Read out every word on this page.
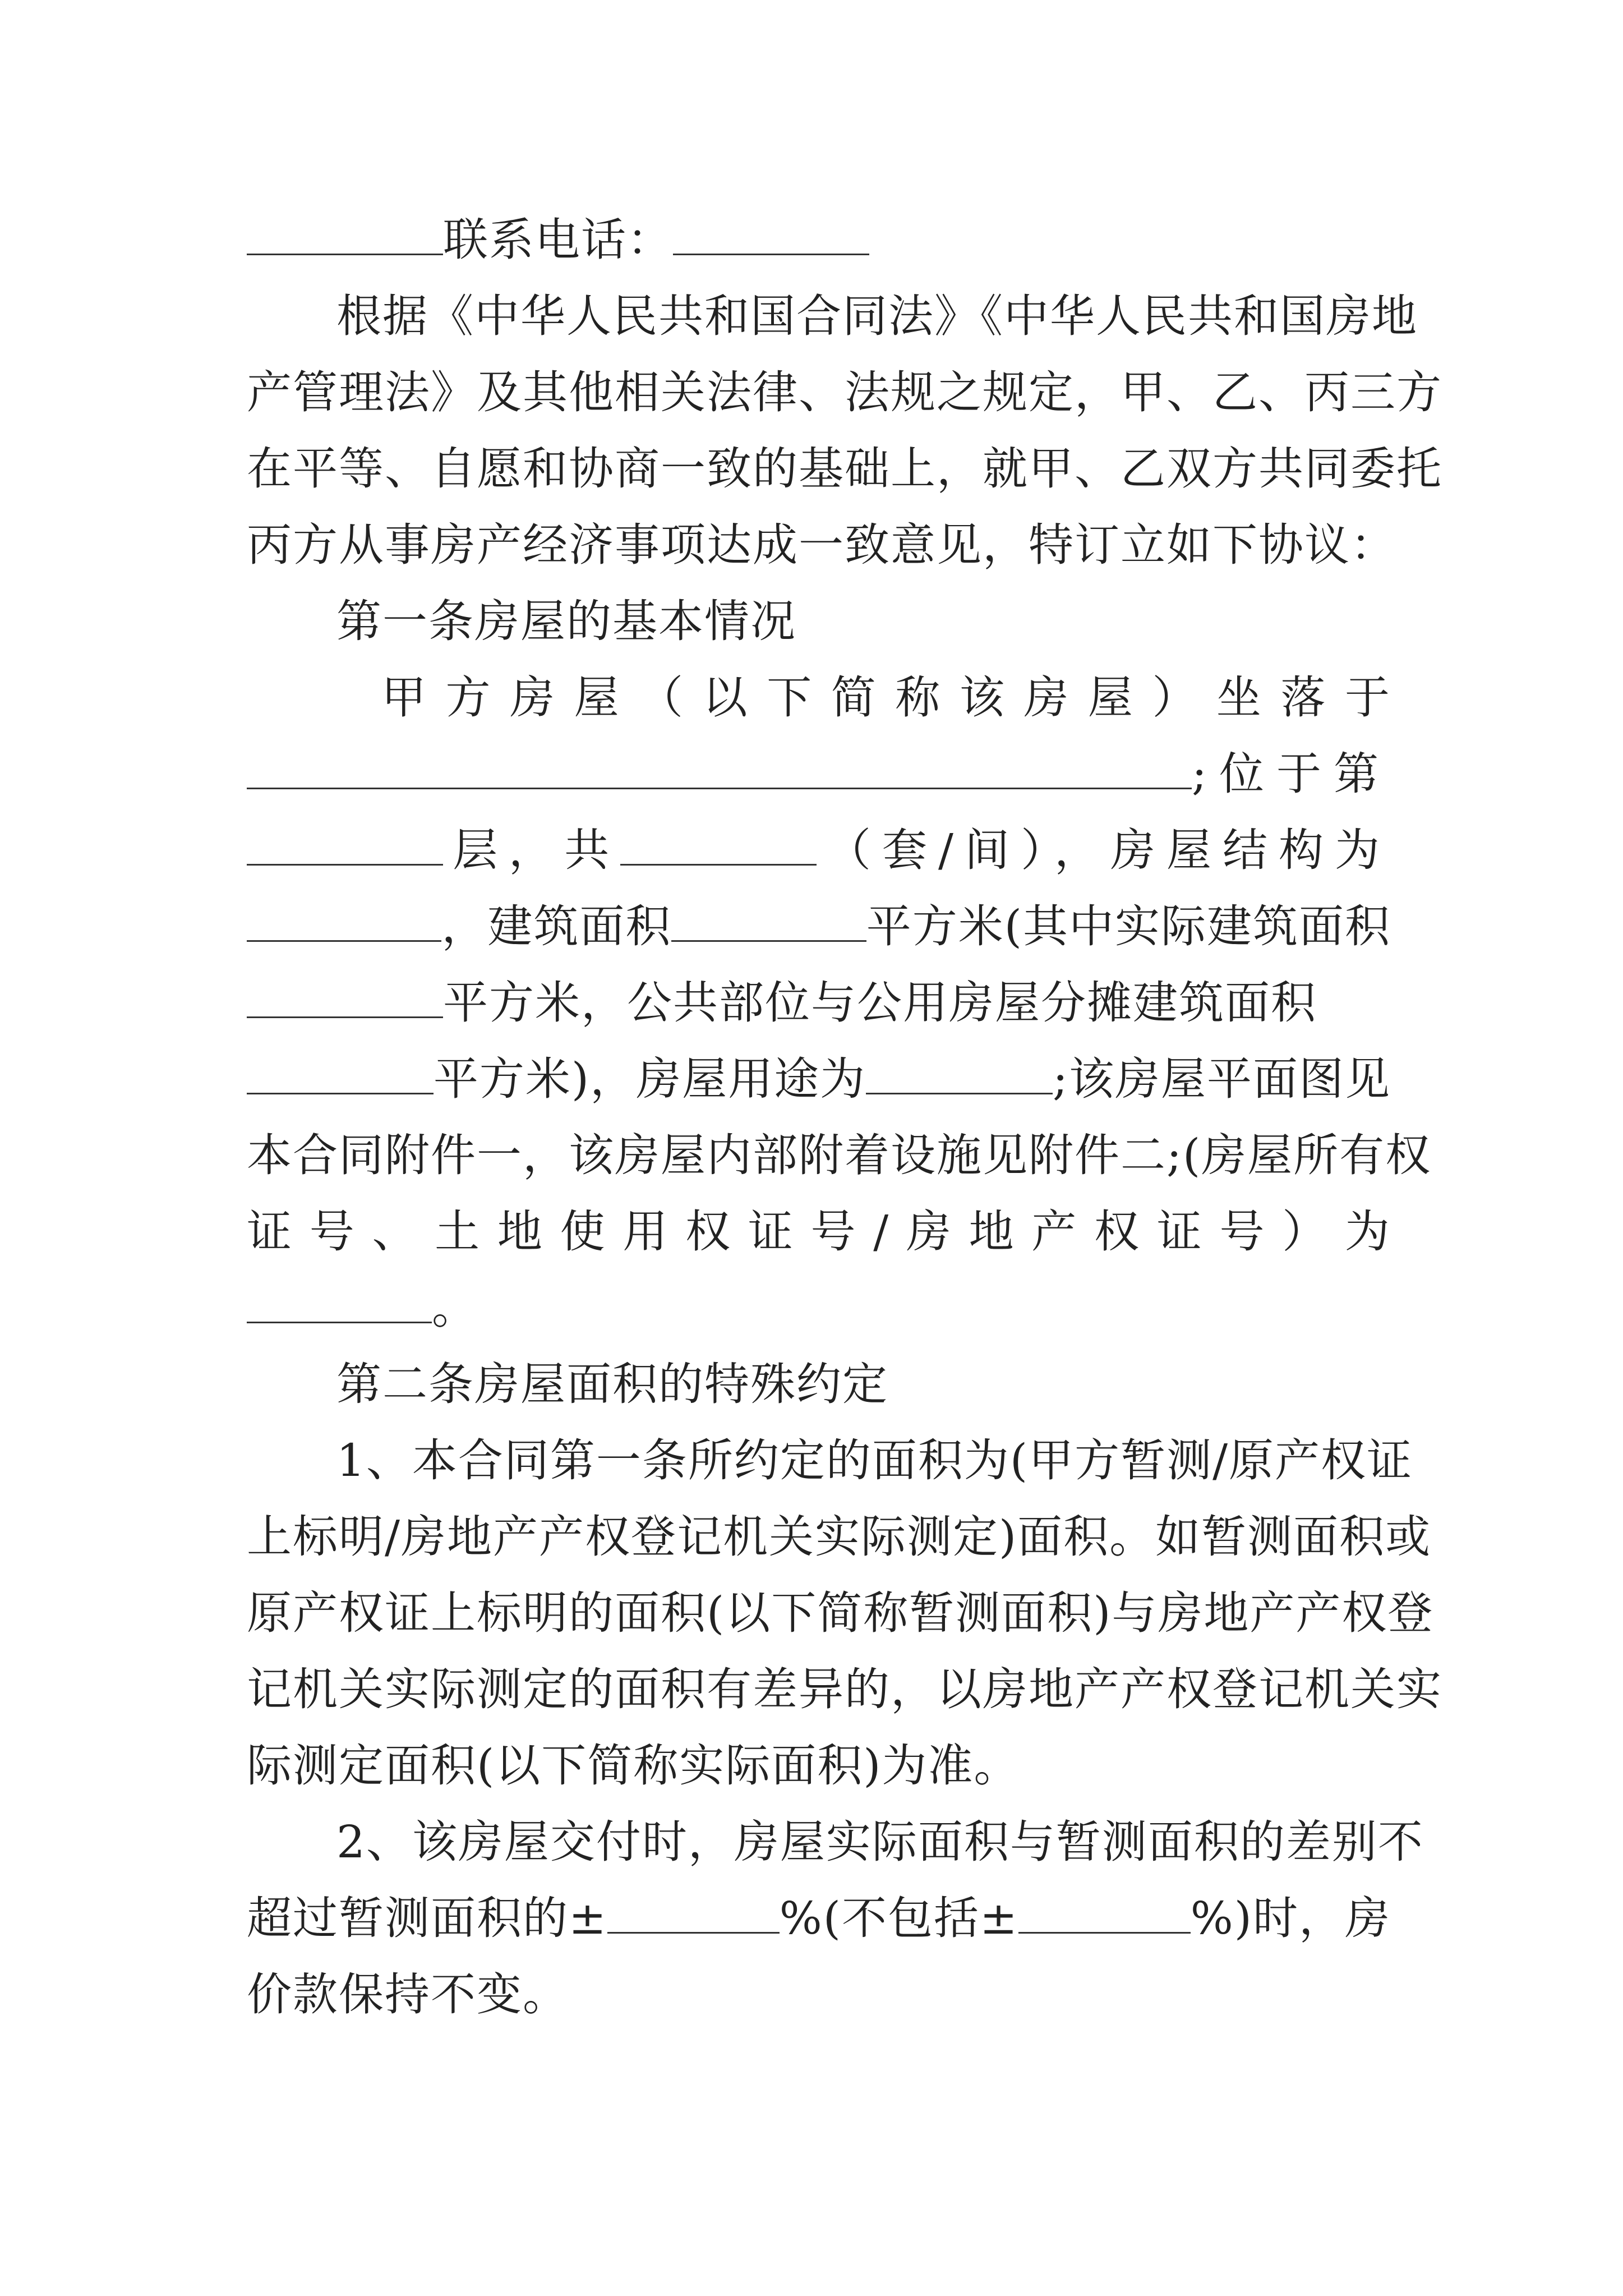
联系电话：
根据《中华人民共和国合同法》《中华人民共和国房地
产管理法》及其他相关法律、法规之规定，甲、乙、丙三方
在平等、自愿和协商一致的基础上，就甲、乙双方共同委托
丙方从事房产经济事项达成一致意见，特订立如下协议：
第一条房屋的基本情况
甲 方 房 屋 （ 以 下 简 称 该 房 屋 ） 坐 落 于
;位于第
层 ， 共	（套/间），房屋结构为
，建筑面积	平方米(其中实际建筑面积
平方米，公共部位与公用房屋分摊建筑面积
平方米)，房屋用途为	;该房屋平面图见
本合同附件一，该房屋内部附着设施见附件二;(房屋所有权
证 号 、 土 地 使 用 权 证 号 / 房 地 产 权 证 号 ） 为
。
第二条房屋面积的特殊约定
1、本合同第一条所约定的面积为(甲方暂测/原产权证
上标明/房地产产权登记机关实际测定)面积。如暂测面积或
原产权证上标明的面积(以下简称暂测面积)与房地产产权登
记机关实际测定的面积有差异的，以房地产产权登记机关实
际测定面积(以下简称实际面积)为准。
2、该房屋交付时，房屋实际面积与暂测面积的差别不
超过暂测面积的±	%(不包括±	%)时，房
价款保持不变。
